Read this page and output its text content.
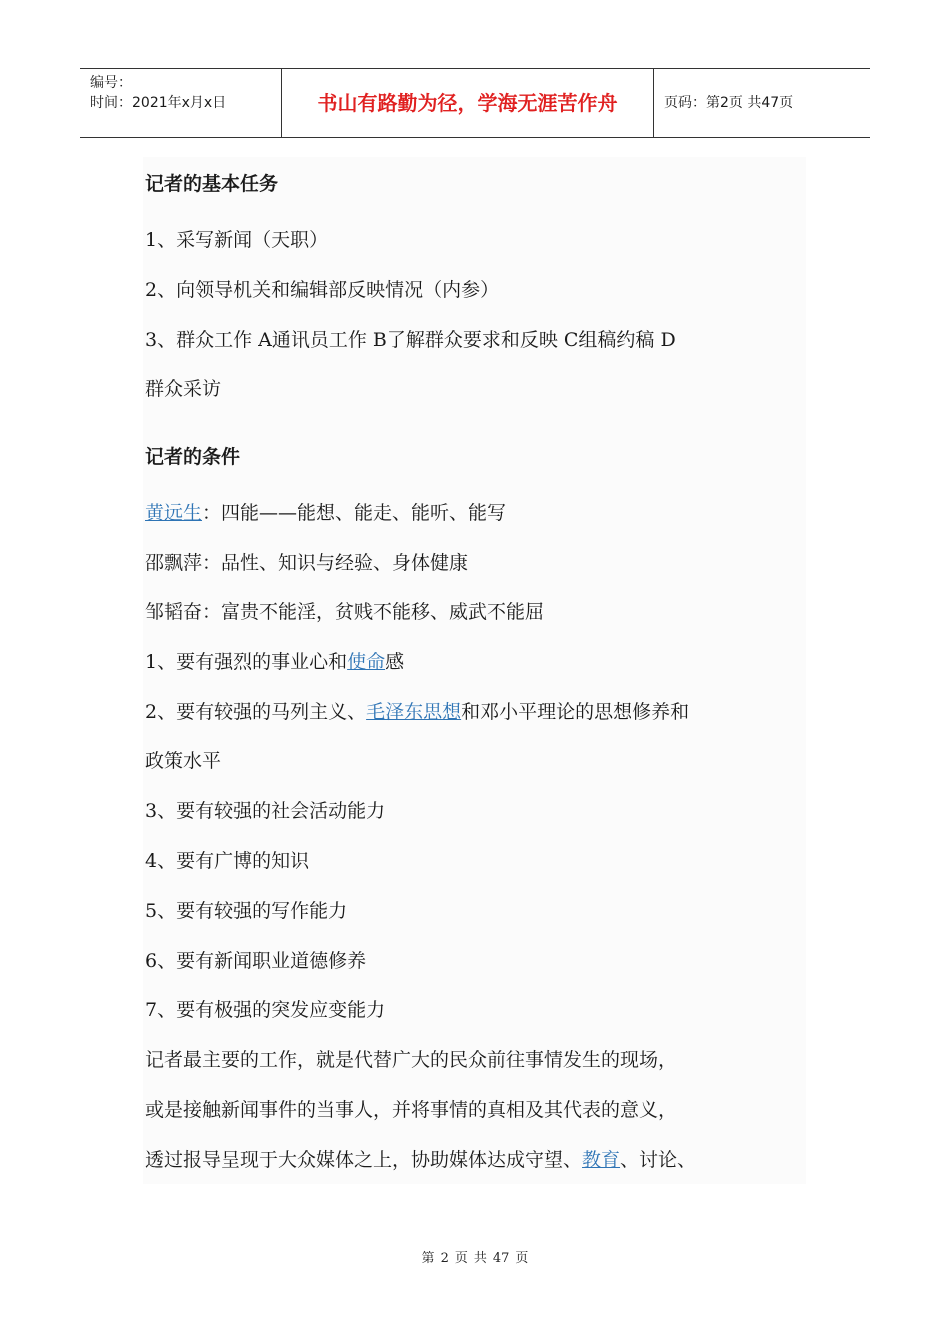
编号：
时间：2021年x月x日	书山有路勤为径，学海无涯苦作舟	页码：第2页 共47页
记者的基本任务
1、采写新闻（天职）
2、向领导机关和编辑部反映情况（内参）
3、群众工作 A通讯员工作 B了解群众要求和反映 C组稿约稿 D
群众采访
记者的条件
黄远生：四能——能想、能走、能听、能写
邵飘萍：品性、知识与经验、身体健康
邹韬奋：富贵不能淫，贫贱不能移、威武不能屈
1、要有强烈的事业心和使命感
2、要有较强的马列主义、毛泽东思想和邓小平理论的思想修养和
政策水平
3、要有较强的社会活动能力
4、要有广博的知识
5、要有较强的写作能力
6、要有新闻职业道德修养
7、要有极强的突发应变能力
记者最主要的工作，就是代替广大的民众前往事情发生的现场，
或是接触新闻事件的当事人，并将事情的真相及其代表的意义，
透过报导呈现于大众媒体之上，协助媒体达成守望、教育、讨论、
第 2 页 共 47 页
